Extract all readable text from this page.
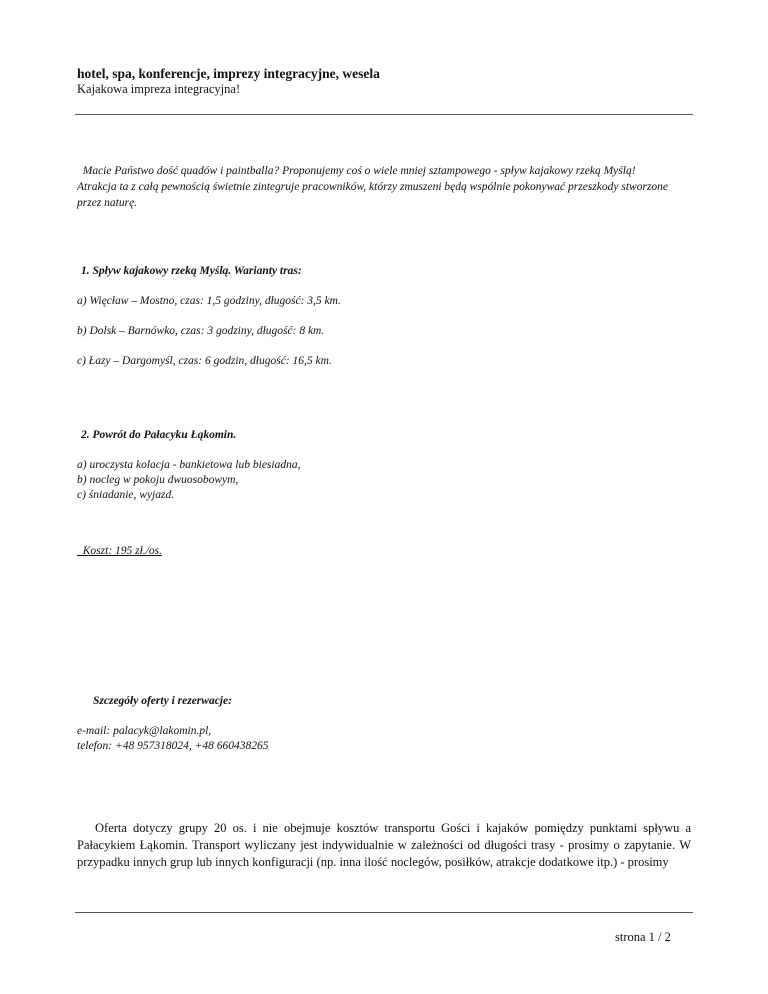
hotel, spa, konferencje, imprezy integracyjne, wesela
Kajakowa impreza integracyjna!
Macie Państwo dość quadów i paintballa? Proponujemy coś o wiele mniej sztampowego - spływ kajakowy rzeką Myślą! Atrakcja ta z całą pewnością świetnie zintegruje pracowników, którzy zmuszeni będą wspólnie pokonywać przeszkody stworzone przez naturę.
1. Spływ kajakowy rzeką Myślą. Warianty tras:
a) Więcław – Mostno, czas: 1,5 godziny, długość: 3,5 km.
b) Dolsk – Barnówko, czas: 3 godziny, długość: 8 km.
c) Łazy – Dargomyśl, czas: 6 godzin, długość: 16,5 km.
2. Powrót do Pałacyku Łąkomin.
a) uroczysta kolacja - bankietowa lub biesiadna,
b) nocleg w pokoju dwuosobowym,
c) śniadanie, wyjazd.
Koszt: 195 zł./os.
Szczegóły oferty i rezerwacje:
e-mail: palacyk@lakomin.pl,
telefon: +48 957318024, +48 660438265
Oferta dotyczy grupy 20 os. i nie obejmuje kosztów transportu Gości i kajaków pomiędzy punktami spływu a Pałacykiem Łąkomin. Transport wyliczany jest indywidualnie w zależności od długości trasy - prosimy o zapytanie. W przypadku innych grup lub innych konfiguracji (np. inna ilość noclegów, posiłków, atrakcje dodatkowe itp.) - prosimy
strona 1 / 2
